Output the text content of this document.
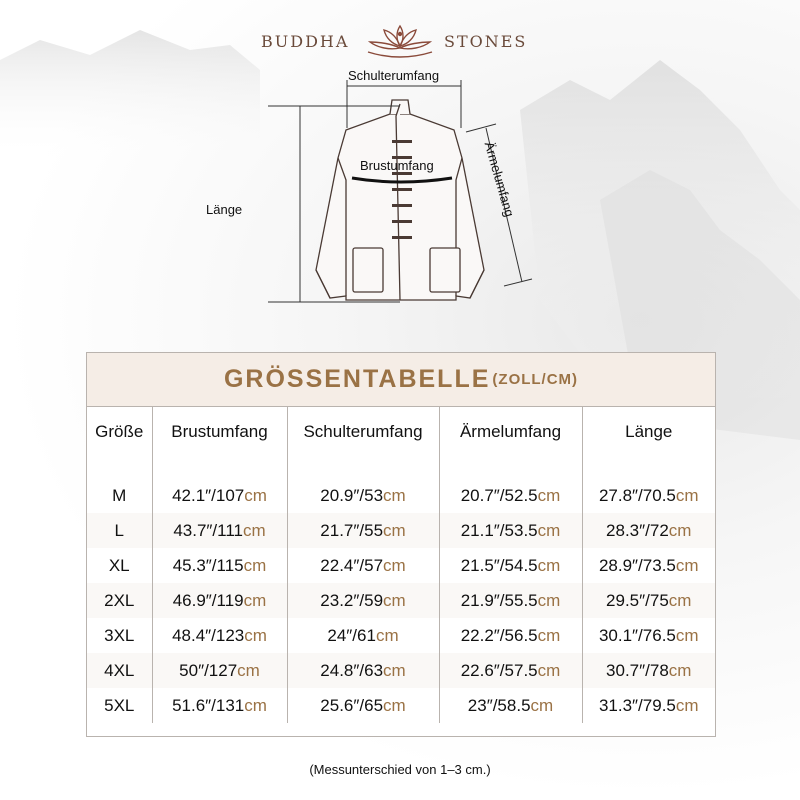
BUDDHA	STONES
Schulterumfang
Brustumfang
Länge	Ärmelumfang
GRÖSSENTABELLE (ZOLL/CM)
Größe	Brustumfang	Schulterumfang	Ärmelumfang	Länge
M	42.1″/107cm	20.9″/53cm	20.7″/52.5cm	27.8″/70.5cm
L	43.7″/111cm	21.7″/55cm	21.1″/53.5cm	28.3″/72cm
XL	45.3″/115cm	22.4″/57cm	21.5″/54.5cm	28.9″/73.5cm
2XL	46.9″/119cm	23.2″/59cm	21.9″/55.5cm	29.5″/75cm
3XL	48.4″/123cm	24″/61cm	22.2″/56.5cm	30.1″/76.5cm
4XL	50″/127cm	24.8″/63cm	22.6″/57.5cm	30.7″/78cm
5XL	51.6″/131cm	25.6″/65cm	23″/58.5cm	31.3″/79.5cm
(Messunterschied von 1–3 cm.)
